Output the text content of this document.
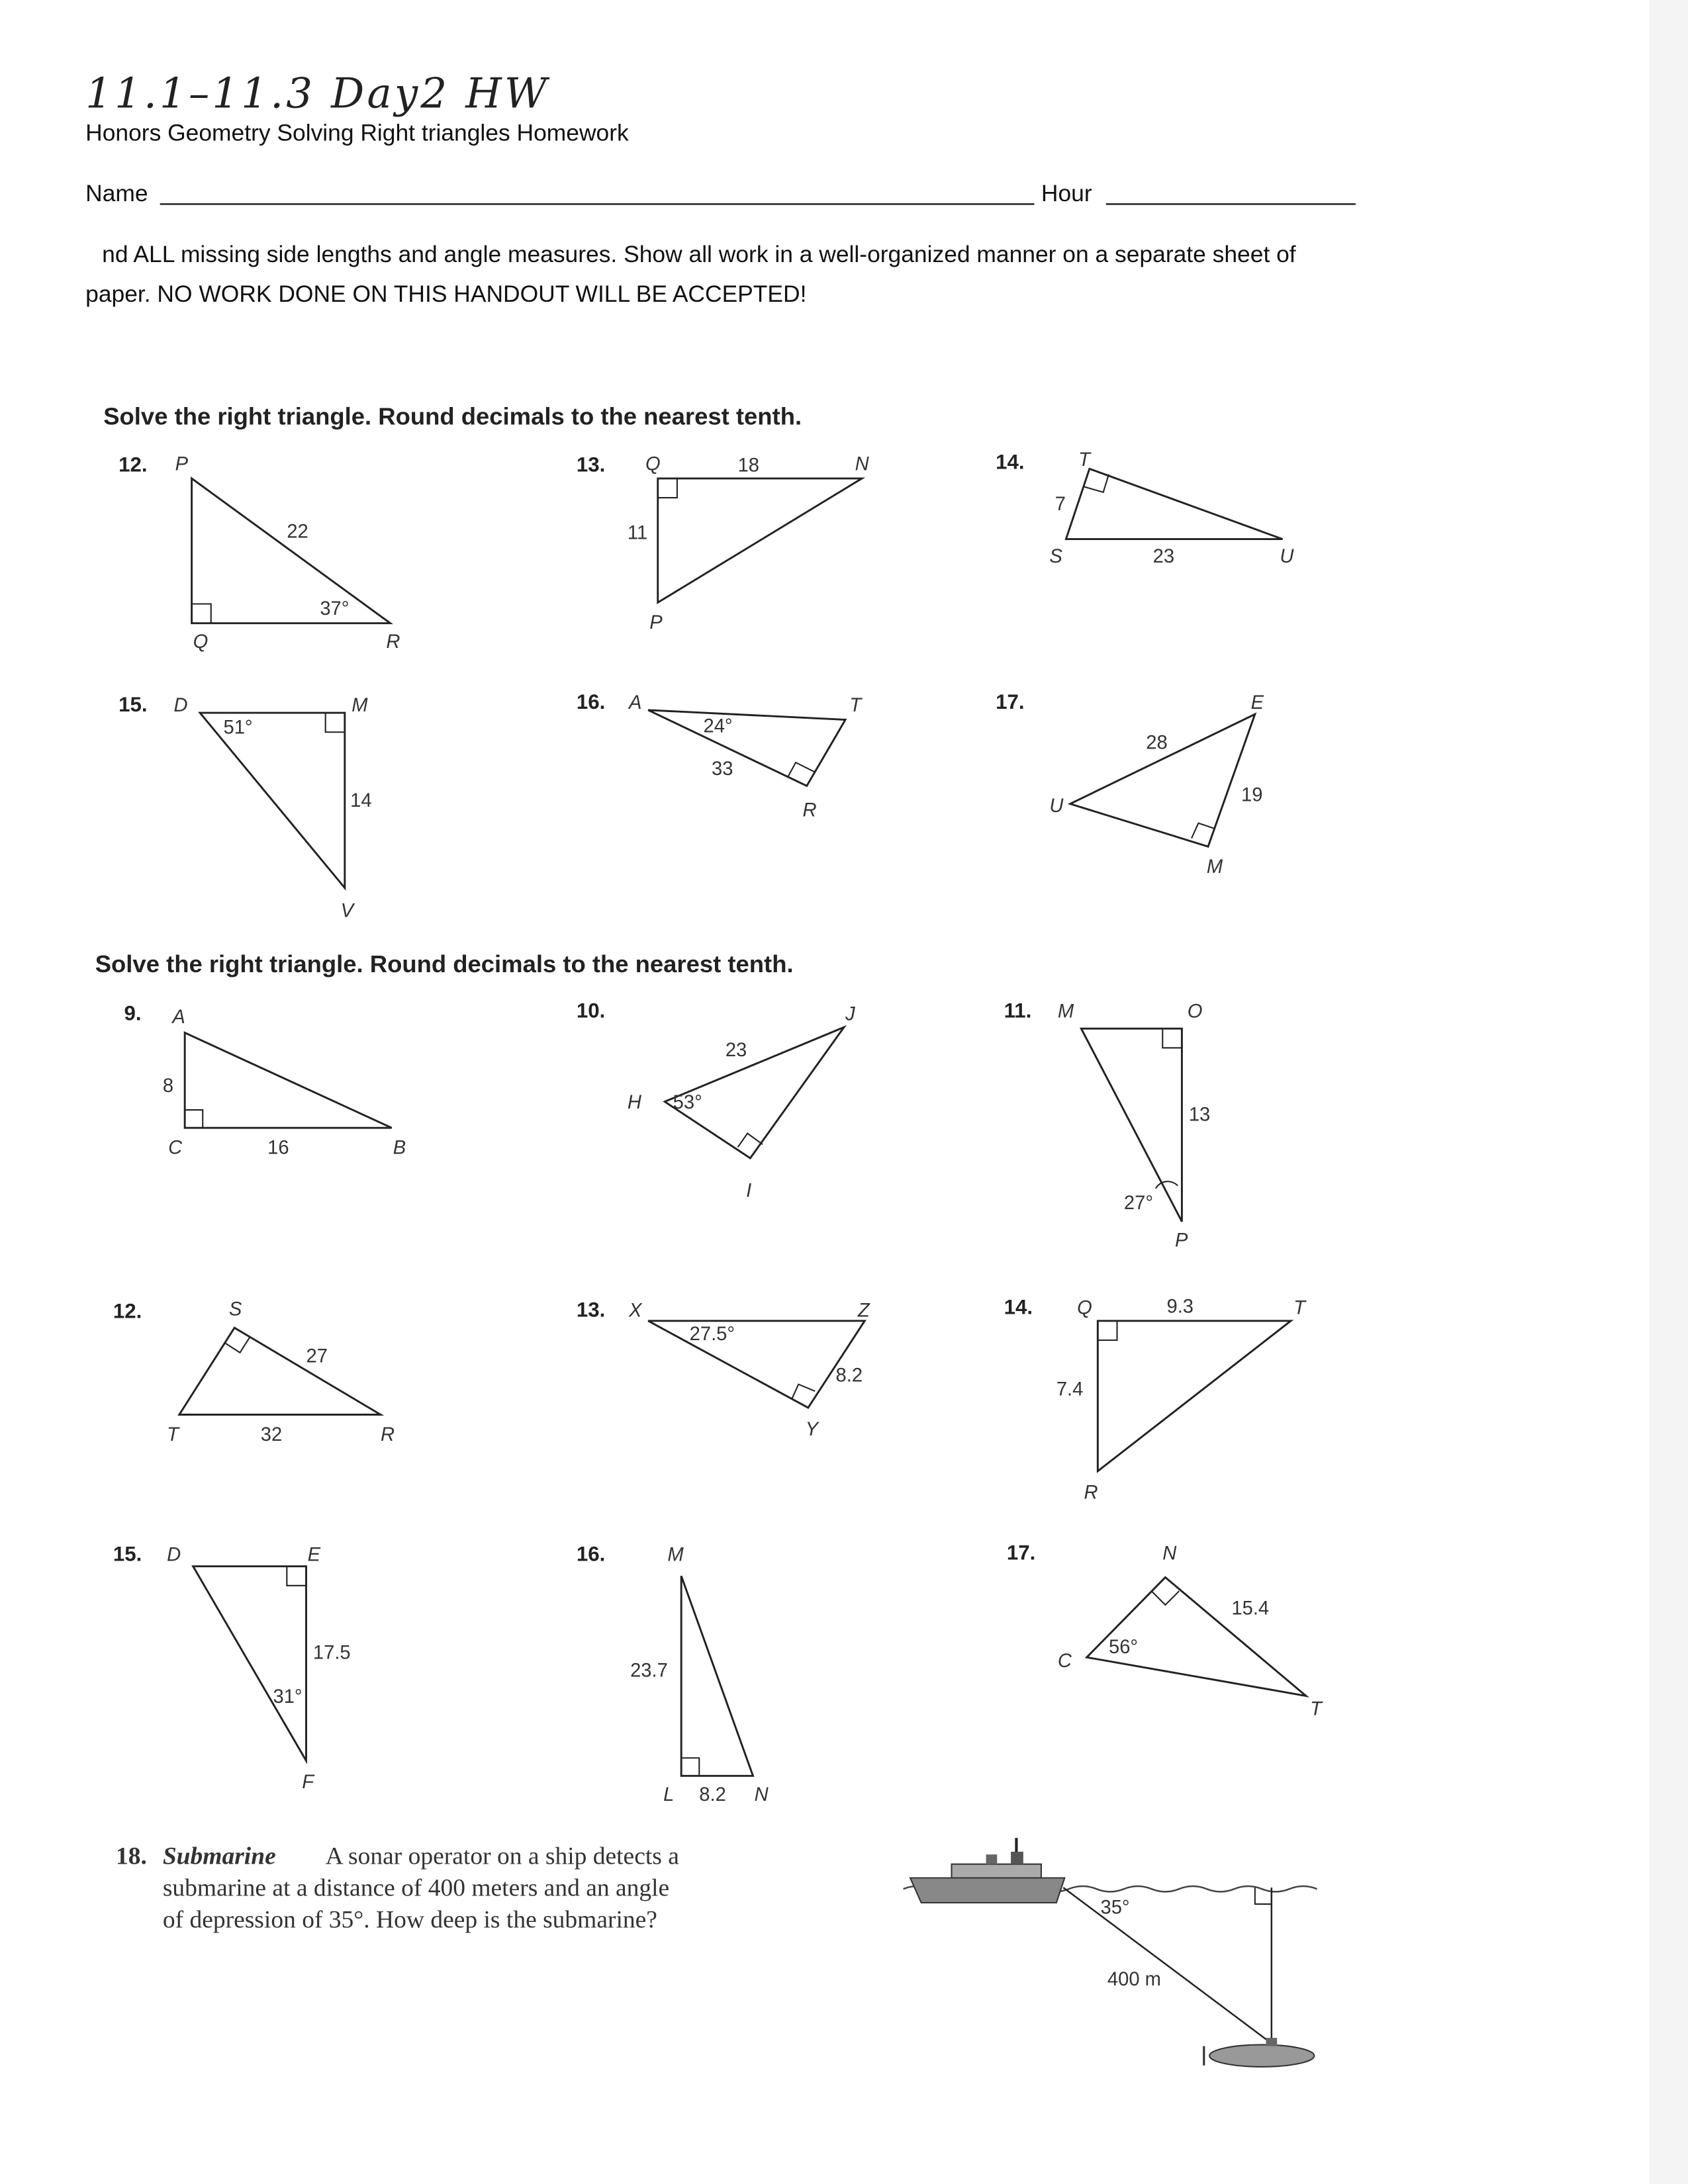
11.1–11.3 Day2 HW
Honors Geometry Solving Right triangles Homework
Name	Hour
nd ALL missing side lengths and angle measures. Show all work in a well-organized manner on a separate sheet of
paper. NO WORK DONE ON THIS HANDOUT WILL BE ACCEPTED!
Solve the right triangle. Round decimals to the nearest tenth.
12.	P
22
37°
Q	R
13.	Q	18	N
11
P
14.	T
7
S	23	U
15.	D
51°
M
14
V
16.	A
24°
33
T
R
17.	E
28
19
U
M
Solve the right triangle. Round decimals to the nearest tenth.
9.	A
8
C	16	B
10.	J
23
H	53°
I
11.	M	O
13
27°
P
12.	S
27
T	32	R
13.	X
27.5°
Z
8.2
Y
14.	Q	9.3	T
7.4
R
15.	D	E
17.5
31°
F
16.	M
23.7
L	8.2	N
17.	N
15.4
C
56°
T
18. Submarine	A sonar operator on a ship detects a
submarine at a distance of 400 meters and an angle
of depression of 35°. How deep is the submarine?	35°
400 m
